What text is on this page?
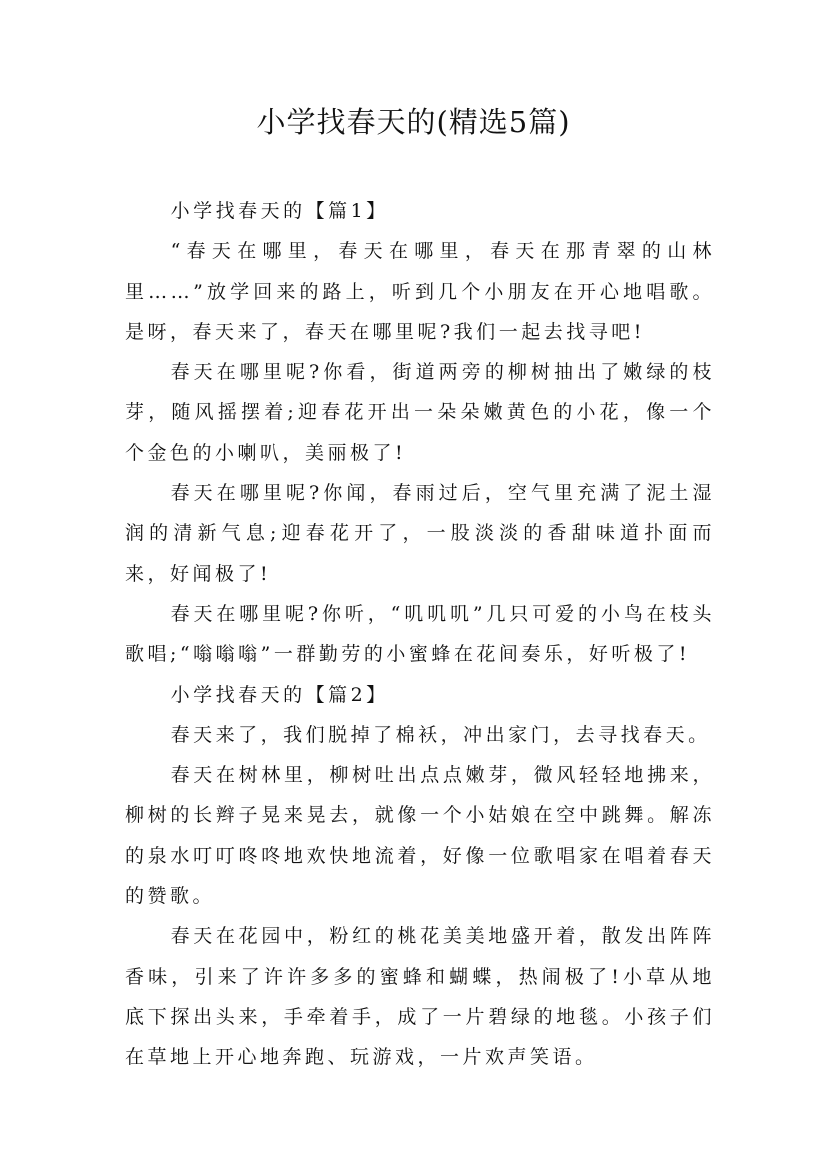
小学找春天的(精选5篇)

小学找春天的【篇1】

“春天在哪里，春天在哪里，春天在那青翠的山林里……”放学回来的路上，听到几个小朋友在开心地唱歌。是呀，春天来了，春天在哪里呢?我们一起去找寻吧!

春天在哪里呢?你看，街道两旁的柳树抽出了嫩绿的枝芽，随风摇摆着;迎春花开出一朵朵嫩黄色的小花，像一个个金色的小喇叭，美丽极了!

春天在哪里呢?你闻，春雨过后，空气里充满了泥土湿润的清新气息;迎春花开了，一股淡淡的香甜味道扑面而来，好闻极了!

春天在哪里呢?你听，“叽叽叽”几只可爱的小鸟在枝头歌唱;“嗡嗡嗡”一群勤劳的小蜜蜂在花间奏乐，好听极了!

小学找春天的【篇2】

春天来了，我们脱掉了棉袄，冲出家门，去寻找春天。

春天在树林里，柳树吐出点点嫩芽，微风轻轻地拂来，柳树的长辫子晃来晃去，就像一个小姑娘在空中跳舞。解冻的泉水叮叮咚咚地欢快地流着，好像一位歌唱家在唱着春天的赞歌。

春天在花园中，粉红的桃花美美地盛开着，散发出阵阵香味，引来了许许多多的蜜蜂和蝴蝶，热闹极了!小草从地底下探出头来，手牵着手，成了一片碧绿的地毯。小孩子们在草地上开心地奔跑、玩游戏，一片欢声笑语。
